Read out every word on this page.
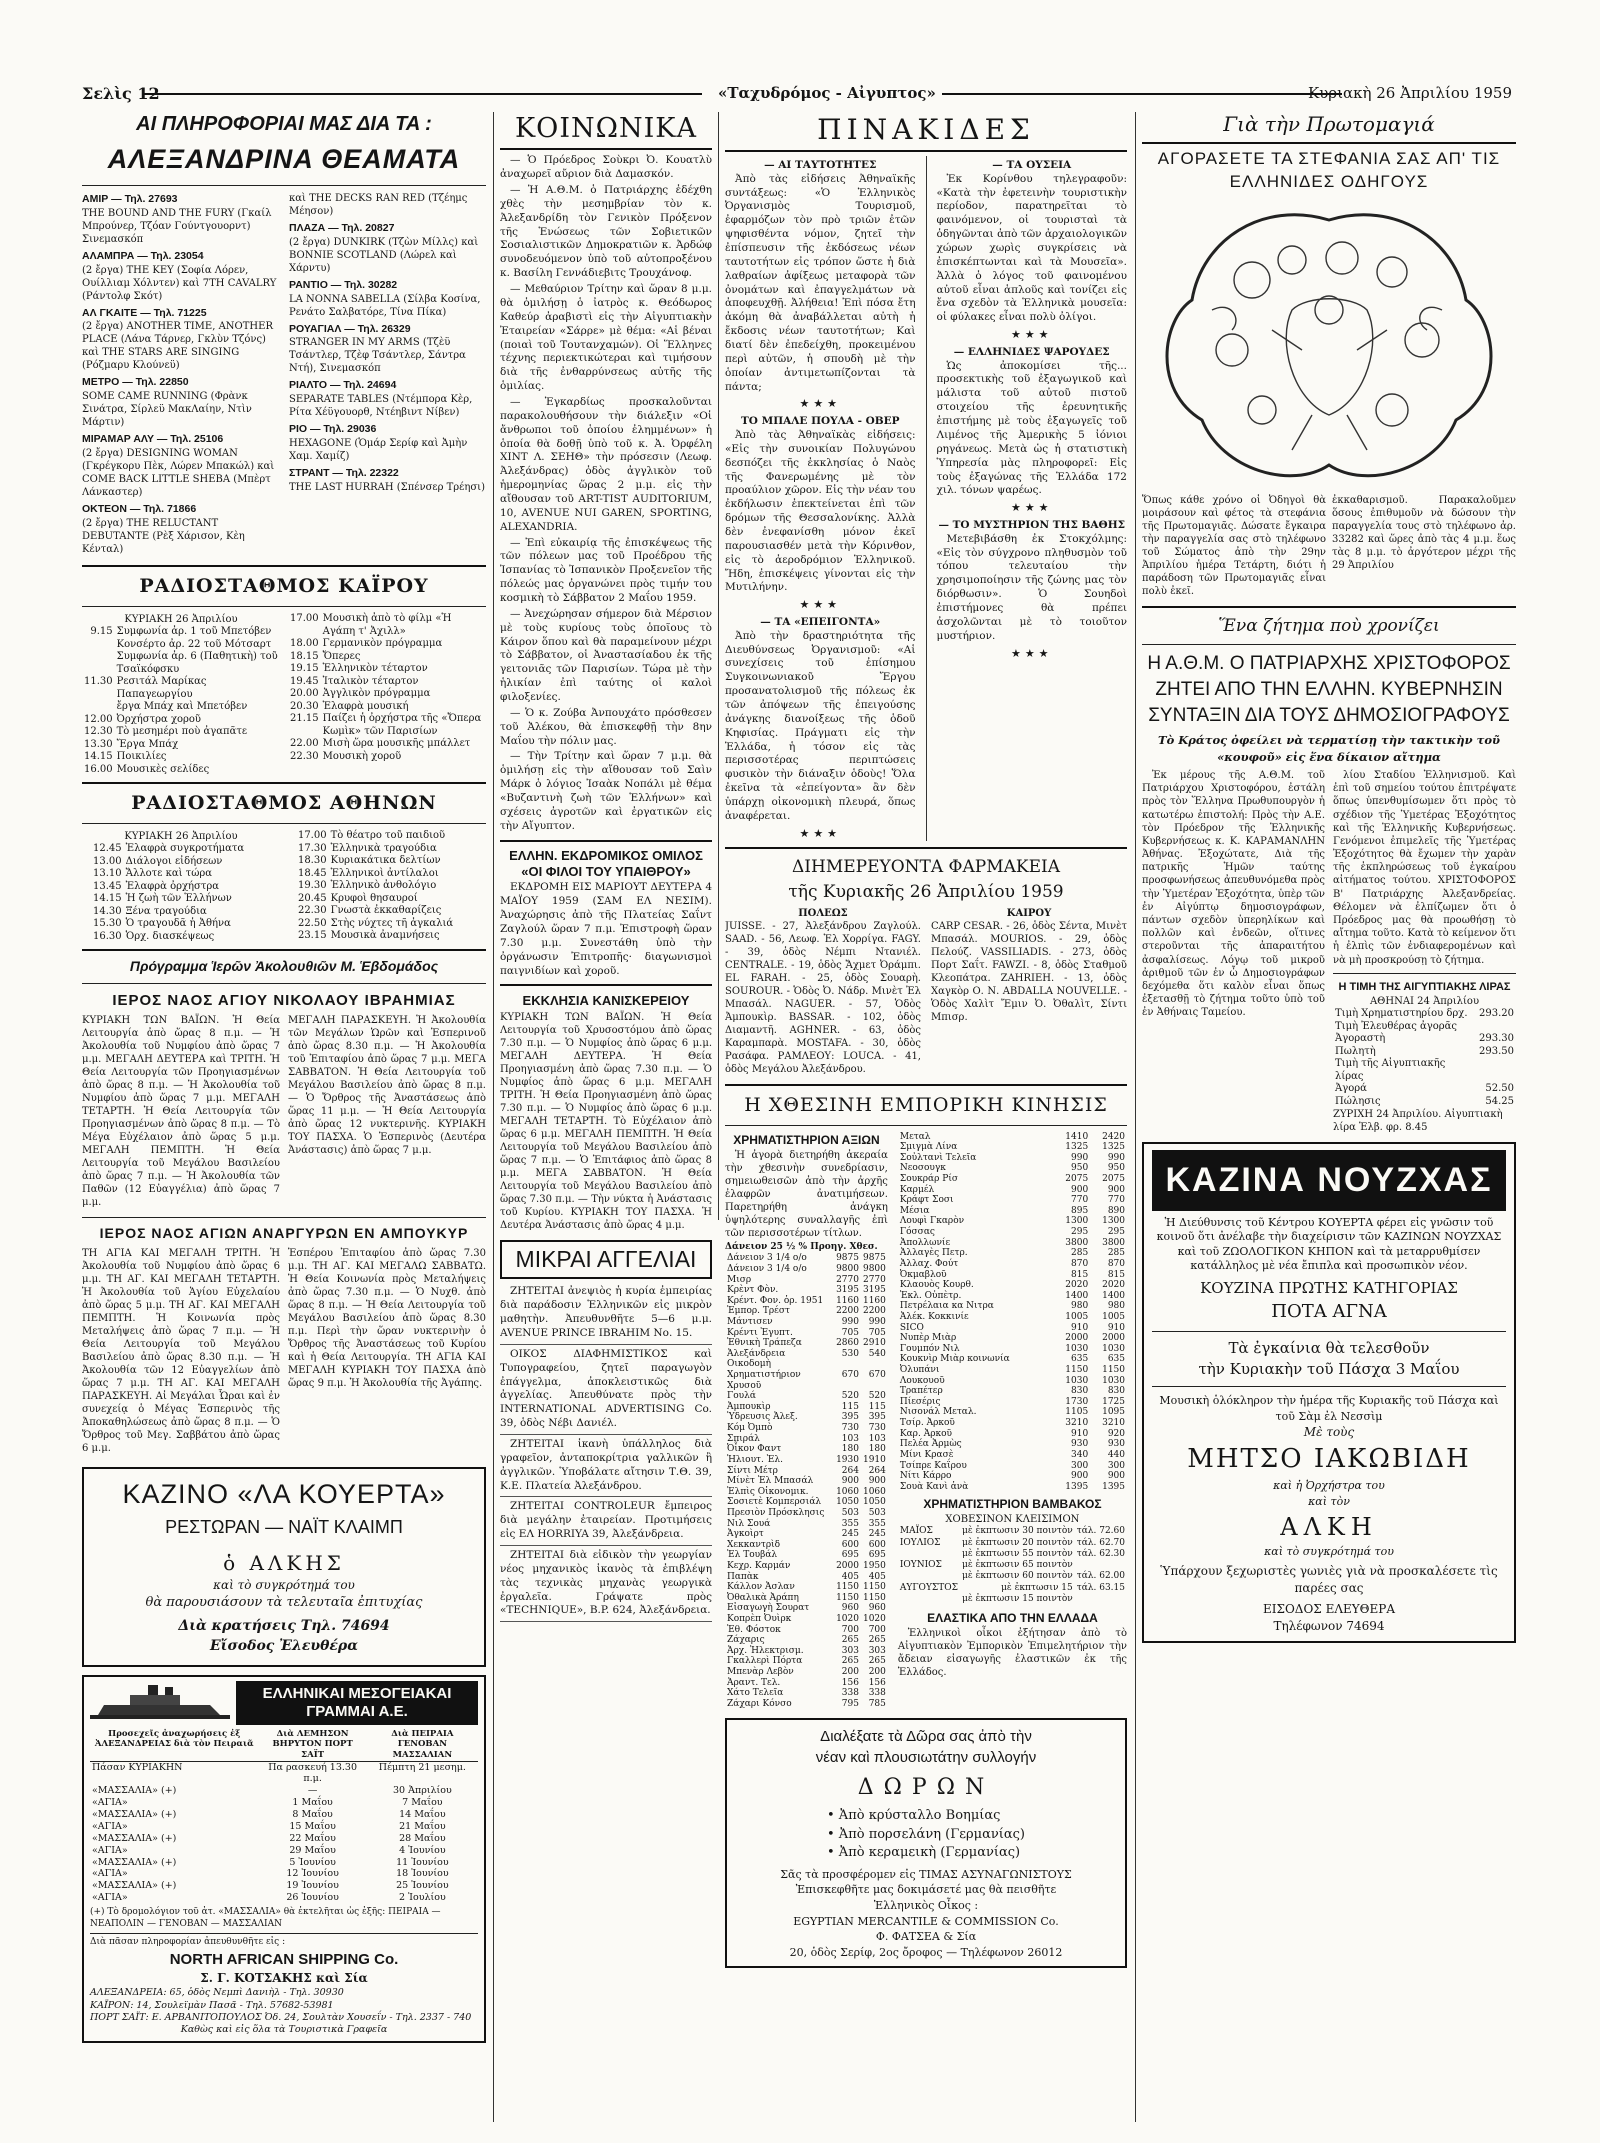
Σελὶς 12	«Ταχυδρόμος - Αἰγυπτος»	Κυριακὴ 26 Ἀπριλίου 1959
ΑΙ ΠΛΗΡΟΦΟΡΙΑΙ ΜΑΣ ΔΙΑ ΤΑ :
ΑΛΕΞΑΝΔΡΙΝΑ ΘΕΑΜΑΤΑ
ΑΜΙΡ — Τηλ. 27693
THE BOUND AND THE FURY (Γκαίλ Μπρούνερ, Τζόαν Γούντγουορντ) Σινεμασκόπ
ΑΛΑΜΠΡΑ — Τηλ. 23054
(2 ἔργα) THE KEY (Σοφία Λόρεν, Ουίλλιαμ Χόλντεν) καὶ 7TH CAVALRY (Ράντολφ Σκότ)
ΑΛ ΓΚΑΙΤΕ — Τηλ. 71225
(2 ἔργα) ANOTHER TIME, ANOTHER PLACE (Λάνα Τάρνερ, Γκλὺν Τζόνς) καὶ THE STARS ARE SINGING (Ρόζμαρυ Κλούνεϋ)
ΜΕΤΡΟ — Τηλ. 22850
SOME CAME RUNNING (Φρὰνκ Σινάτρα, Σίρλεϋ ΜακΛαίην, Ντὶν Μάρτιν)
ΜΙΡΑΜΑΡ ΑΛΥ — Τηλ. 25106
(2 ἔργα) DESIGNING WOMAN (Γκρέγκορυ Πὲκ, Λώρεν Μπακώλ) καὶ COME BACK LITTLE SHEBA (Μπὲρτ Λάνκαστερ)
ΟΚΤΕΟΝ — Τηλ. 71866
(2 ἔργα) THE RELUCTANT DEBUTANTE (Ρὲξ Χάρισον, Κὲη Κένταλ)
καὶ THE DECKS RAN RED (Τζέημς Μέησον)
ΠΛΑΖΑ — Τηλ. 20827
(2 ἔργα) DUNKIRK (Τζὼν Μίλλς) καὶ BONNIE SCOTLAND (Λώρελ καὶ Χάρντυ)
ΡΑΝΤΙΟ — Τηλ. 30282
LA NONNA SABELLA (Σίλβα Κοσίνα, Ρενάτο Σαλβατόρε, Τίνα Πίκα)
ΡΟΥΑΓΙΑΛ — Τηλ. 26329
STRANGER IN MY ARMS (Τζὲϋ Τσάντλερ, Τζὲφ Τσάντλερ, Σάντρα Ντή), Σινεμασκόπ
ΡΙΑΛΤΟ — Τηλ. 24694
SEPARATE TABLES (Ντέμπορα Κὲρ, Ρίτα Χέϋγουορθ, Ντέηβιντ Νίβεν)
ΡΙΟ — Τηλ. 29036
HEXAGONE (Ὁμάρ Σερίφ καὶ Ἀμὴν Χαμ. Χαμίζ)
ΣΤΡΑΝΤ — Τηλ. 22322
THE LAST HURRAH (Σπένσερ Τρέησι)
ΡΑΔΙΟΣΤΑΘΜΟΣ ΚΑΪΡΟΥ
ΚΥΡΙΑΚΗ 26 Ἀπριλίου
9.15	Συμφωνία ἀρ. 1 τοῦ Μπετόβεν
	Κονσέρτο ἀρ. 22 τοῦ Μότσαρτ
	Συμφωνία ἀρ. 6 (Παθητικὴ) τοῦ Τσαϊκόφσκυ
11.30	Ρεσιτάλ Μαρίκας Παπαγεωργίου
	ἔργα Μπάχ καὶ Μπετόβεν
12.00	Ὀρχήστρα χοροῦ
12.30	Τὸ μεσημέρι ποὺ ἀγαπᾶτε
13.30	Ἔργα Μπάχ
14.15	Ποικιλίες
16.00	Μουσικὲς σελίδες
17.00	Μουσικὴ ἀπὸ τὸ φίλμ «Ἡ Αγάπη τ' Ἀχιλλ»
18.00	Γερμανικὸν πρόγραμμα
18.15	Ὄπερες
19.15	Ἑλληνικὸν τέταρτον
19.45	Ἰταλικὸν τέταρτον
20.00	Ἀγγλικὸν πρόγραμμα
20.30	Ἑλαφρὰ μουσική
21.15	Παίζει ἡ ὀρχήστρα τῆς «Ὄπερα Κωμὶκ» τῶν Παρισίων
22.00	Μισὴ ὥρα μουσικῆς μπάλλετ
22.30	Μουσικὴ χοροῦ
ΡΑΔΙΟΣΤΑΘΜΟΣ ΑΘΗΝΩΝ
ΚΥΡΙΑΚΗ 26 Ἀπριλίου
12.45	Ἐλαφρὰ συγκροτήματα
13.00	Διάλογοι εἰδήσεων
13.10	Ἄλλοτε καὶ τώρα
13.45	Ἐλαφρὰ ὀρχήστρα
14.15	Ἡ ζωὴ τῶν Ἑλλήνων
14.30	Ξένα τραγούδια
15.30	Ὁ τραγουδᾶ ἡ Ἀθήνα
16.30	Ὁρχ. διασκέψεως
17.00	Τὸ θέατρο τοῦ παιδιοῦ
17.30	Ἑλληνικὰ τραγούδια
18.30	Κυριακάτικα δελτίων
18.45	Ἑλληνικοὶ ἀντίλαλοι
19.30	Ἑλληνικὸ ἀνθολόγιο
20.45	Κρυφοὶ θησαυροί
22.30	Γνωστὰ ἐκκαθαρίζεις
22.50	Στὴς νύχτες τῆ ἀγκαλιά
23.15	Μουσικὰ ἀναμνήσεις
Πρόγραμμα Ἱερῶν Ἀκολουθιῶν Μ. Ἑβδομάδος
ΙΕΡΟΣ ΝΑΟΣ ΑΓΙΟΥ ΝΙΚΟΛΑΟΥ ΙΒΡΑΗΜΙΑΣ
ΚΥΡΙΑΚΗ ΤΩΝ ΒΑΪΩΝ. Ἡ Θεία Λειτουργία ἀπὸ ὥρας 8 π.μ. — Ἡ Ἀκολουθία τοῦ Νυμφίου ἀπὸ ὥρας 7 μ.μ. ΜΕΓΑΛΗ ΔΕΥΤΕΡΑ καὶ ΤΡΙΤΗ. Ἡ Θεία Λειτουργία τῶν Προηγιασμένων ἀπὸ ὥρας 8 π.μ. — Ἡ Ἀκολουθία τοῦ Νυμφίου ἀπὸ ὥρας 7 μ.μ. ΜΕΓΑΛΗ ΤΕΤΑΡΤΗ. Ἡ Θεία Λειτουργία τῶν Προηγιασμένων ἀπὸ ὥρας 8 π.μ. — Τὸ Μέγα Εὐχέλαιον ἀπὸ ὥρας 5 μ.μ. ΜΕΓΑΛΗ ΠΕΜΠΤΗ. Ἡ Θεία Λειτουργία τοῦ Μεγάλου Βασιλείου ἀπὸ ὥρας 7 π.μ. — Ἡ Ἀκολουθία τῶν Παθῶν (12 Εὐαγγέλια) ἀπὸ ὥρας 7 μ.μ.
ΜΕΓΑΛΗ ΠΑΡΑΣΚΕΥΗ. Ἡ Ἀκολουθία τῶν Μεγάλων Ὡρῶν καὶ Ἑσπερινοῦ ἀπὸ ὥρας 8.30 π.μ. — Ἡ Ἀκολουθία τοῦ Ἐπιταφίου ἀπὸ ὥρας 7 μ.μ. ΜΕΓΑ ΣΑΒΒΑΤΟΝ. Ἡ Θεία Λειτουργία τοῦ Μεγάλου Βασιλείου ἀπὸ ὥρας 8 π.μ. — Ὁ Ὄρθρος τῆς Ἀναστάσεως ἀπὸ ὥρας 11 μ.μ. — Ἡ Θεία Λειτουργία ἀπὸ ὥρας 12 νυκτερινῆς. ΚΥΡΙΑΚΗ ΤΟΥ ΠΑΣΧΑ. Ὁ Ἑσπερινὸς (Δευτέρα Ἀνάστασις) ἀπὸ ὥρας 7 μ.μ.
ΙΕΡΟΣ ΝΑΟΣ ΑΓΙΩΝ ΑΝΑΡΓΥΡΩΝ ΕΝ ΑΜΠΟΥΚΥΡ
ΤΗ ΑΓΙΑ ΚΑΙ ΜΕΓΑΛΗ ΤΡΙΤΗ. Ἡ Ἀκολουθία τοῦ Νυμφίου ἀπὸ ὥρας 6 μ.μ. ΤΗ ΑΓ. ΚΑΙ ΜΕΓΑΛΗ ΤΕΤΑΡΤΗ. Ἡ Ἀκολουθία τοῦ Ἁγίου Εὐχελαίου ἀπὸ ὥρας 5 μ.μ. ΤΗ ΑΓ. ΚΑΙ ΜΕΓΑΛΗ ΠΕΜΠΤΗ. Ἡ Κοινωνία πρὸς Μεταλήψεις ἀπὸ ὥρας 7 π.μ. — Ἡ Θεία Λειτουργία τοῦ Μεγάλου Βασιλείου ἀπὸ ὥρας 8.30 π.μ. — Ἡ Ἀκολουθία τῶν 12 Εὐαγγελίων ἀπὸ ὥρας 7 μ.μ. ΤΗ ΑΓ. ΚΑΙ ΜΕΓΑΛΗ ΠΑΡΑΣΚΕΥΗ. Αἱ Μεγάλαι Ὧραι καὶ ἐν συνεχείᾳ ὁ Μέγας Ἑσπερινὸς τῆς Ἀποκαθηλώσεως ἀπὸ ὥρας 8 π.μ. — Ὁ Ὄρθρος τοῦ Μεγ. Σαββάτου ἀπὸ ὥρας 6 μ.μ.
Ἑσπέρου Ἐπιταφίου ἀπὸ ὥρας 7.30 μ.μ. ΤΗ ΑΓ. ΚΑΙ ΜΕΓΑΛΩ ΣΑΒΒΑΤΩ. Ἡ Θεία Κοινωνία πρὸς Μεταλήψεις ἀπὸ ὥρας 7.30 π.μ. — Ὁ Νυχθ. ἀπὸ ὥρας 8 π.μ. — Ἡ Θεία Λειτουργία τοῦ Μεγάλου Βασιλείου ἀπὸ ὥρας 8.30 π.μ. Περὶ τὴν ὥραν νυκτερινὴν ὁ Ὄρθρος τῆς Ἀναστάσεως τοῦ Κυρίου καὶ ἡ Θεία Λειτουργία. ΤΗ ΑΓΙΑ ΚΑΙ ΜΕΓΑΛΗ ΚΥΡΙΑΚΗ ΤΟΥ ΠΑΣΧΑ ἀπὸ ὥρας 9 π.μ. Ἡ Ἀκολουθία τῆς Ἀγάπης.
ΚΑΖΙΝΟ «ΛΑ ΚΟΥΕΡΤΑ»
ΡΕΣΤΩΡΑΝ — ΝΑΪΤ ΚΛΑΙΜΠ
ὁ ΑΛΚΗΣ
καὶ τὸ συγκρότημά του
θὰ παρουσιάσουν τὰ τελευταῖα ἐπιτυχίας
Διὰ κρατήσεις Τηλ. 74694
Εἴσοδος Ἐλευθέρα
ΕΛΛΗΝΙΚΑΙ ΜΕΣΟΓΕΙΑΚΑΙ ΓΡΑΜΜΑΙ Α.Ε.
Προσεχεῖς ἀναχωρήσεις ἐξ ἈΛΕΞΑΝΔΡΕΙΑΣ διὰ τὸν Πειραιᾶ	Διὰ ΛΕΜΗΣΟΝ ΒΗΡΥΤΟΝ ΠΟΡΤ ΣΑΪΤ	Διὰ ΠΕΙΡΑΙΑ ΓΕΝΟΒΑΝ ΜΑΣΣΑΛΙΑΝ
Πάσαν ΚΥΡΙΑΚΗΝ	Πα ρασκευή 13.30 π.μ.	Πέμπτη 21 μεσημ.
«ΜΑΣΣΑΛΙΑ» (+)	—	30 Ἀπριλίου
«ΑΓΙΑ»	1 Μαΐου	7 Μαΐου
«ΜΑΣΣΑΛΙΑ» (+)	8 Μαΐου	14 Μαΐου
«ΑΓΙΑ»	15 Μαΐου	21 Μαΐου
«ΜΑΣΣΑΛΙΑ» (+)	22 Μαΐου	28 Μαΐου
«ΑΓΙΑ»	29 Μαΐου	4 Ἰουνίου
«ΜΑΣΣΑΛΙΑ» (+)	5 Ἰουνίου	11 Ἰουνίου
«ΑΓΙΑ»	12 Ἰουνίου	18 Ἰουνίου
«ΜΑΣΣΑΛΙΑ» (+)	19 Ἰουνίου	25 Ἰουνίου
«ΑΓΙΑ»	26 Ἰουνίου	2 Ἰουλίου
(+) Τὸ δρομολόγιον τοῦ ἀτ. «ΜΑΣΣΑΛΙΑ» θὰ ἐκτελῆται ὡς ἑξῆς: ΠΕΙΡΑΙΑ — ΝΕΑΠΟΛΙΝ — ΓΕΝΟΒΑΝ — ΜΑΣΣΑΛΙΑΝ
Διὰ πᾶσαν πληροφορίαν ἀπευθυνθῆτε εἰς :
NORTH AFRICAN SHIPPING Co.
Σ. Γ. ΚΟΤΣΑΚΗΣ καὶ Σία
ΑΛΕΞΑΝΔΡΕΙΑ: 65, ὁδὸς Νεμπὶ Δανιὴλ - Τηλ. 30930
ΚΑΪΡΟΝ: 14, Σουλεϊμὰν Πασᾶ - Τηλ. 57682-53981
ΠΟΡΤ ΣΑΪΤ: Ε. ΑΡΒΑΝΙΤΟΠΟΥΛΟΣ Ὀδ. 24, Σουλτὰν Χουσεΐν - Τηλ. 2337 - 740
Καθὼς καὶ εἰς ὅλα τὰ Τουριστικὰ Γραφεῖα
ΚΟΙΝΩΝΙΚΑ

— Ὁ Πρόεδρος Σοὺκρι Ὀ. Κουατλὺ ἀναχωρεῖ αὔριον διὰ Δαμασκόν.

— Ἡ Α.Θ.Μ. ὁ Πατριάρχης ἐδέχθη χθὲς τὴν μεσημβρίαν τὸν κ. Ἀλεξανδρίδη τὸν Γενικὸν Πρόξενον τῆς Ἑνώσεως τῶν Σοβιετικῶν Σοσιαλιστικῶν Δημοκρατιῶν κ. Ἀρδώφ συνοδευόμενον ὑπὸ τοῦ αὐτοπροξένου κ. Βασίλη Γεννάδιεβιτς Τρουχάνοφ.

— Μεθαύριον Τρίτην καὶ ὥραν 8 μ.μ. θὰ ὁμιλήσῃ ὁ ἰατρὸς κ. Θεόδωρος Καθεύρ ἀραβιστὶ εἰς τὴν Αἰγυπτιακὴν Ἐταιρείαν «Σάρρε» μὲ θέμα: «Αἱ βέναι (ποιαὶ τοῦ Τουτανχαμών). Οἱ Ἕλληνες τέχνης περιεκτικώτεραι καὶ τιμήσουν διὰ τῆς ἐνθαρρύνσεως αὐτῆς τῆς ὁμιλίας.

— Ἐγκαρδίως προσκαλοῦνται παρακολουθήσουν τὴν διάλεξιν «Οἱ ἄνθρωποι τοῦ ὁποίου ἐλημμένων» ἡ ὁποία θὰ δοθῇ ὑπὸ τοῦ κ. Ἀ. Ὀρφέλη ΧΙΝΤ Λ. ΣΕΗΘ» τὴν πρόσεσιν (Λεωφ. Ἀλεξάνδρας) ὁδὸς ἀγγλικὸν τοῦ ἡμερομηνίας ὥρας 2 μ.μ. εἰς τὴν αἴθουσαν τοῦ ART-TIST AUDITORIUM, 10, AVENUE NUI GAREN, SPORTING, ALEXANDRIA.

— Ἐπὶ εὐκαιρίᾳ τῆς ἐπισκέψεως τῆς τῶν πόλεων μας τοῦ Προέδρου τῆς Ἰσπανίας τὸ Ἰσπανικὸν Προξενεῖον τῆς πόλεώς μας ὀργανώνει πρὸς τιμήν του κοσμικὴ τὸ Σάββατον 2 Μαΐου 1959.

— Ἀνεχώρησαν σήμερον διὰ Μέρσιον μὲ τοὺς κυρίους τοὺς ὁποῖους τὸ Κάιρον ὅπου καὶ θὰ παραμείνουν μέχρι τὸ Σάββατον, οἱ Ἀναστασίαδου ἐκ τῆς γειτονιᾶς τῶν Παρισίων. Τώρα μὲ τὴν ἡλικίαν ἐπὶ ταύτης οἱ καλοὶ φιλοξενίες.

— Ὁ κ. Ζούβα Ἀνπουχάτο πρόσθεσεν τοῦ Ἀλέκου, θὰ ἐπισκεφθῇ τὴν 8ην Μαΐου τὴν πόλιν μας.

— Τὴν Τρίτην καὶ ὥραν 7 μ.μ. θὰ ὁμιλήσῃ εἰς τὴν αἴθουσαν τοῦ Σαὶν Μάρκ ὁ λόγιος Ἰσαὰκ Νοπάλι μὲ θέμα «Βυζαντινὴ ζωὴ τῶν Ἑλλήνων» καὶ σχέσεις ἀγροτῶν καὶ ἐργατικῶν εἰς τὴν Αἴγυπτον.

ΕΛΛΗΝ. ΕΚΔΡΟΜΙΚΟΣ ΟΜΙΛΟΣ «ΟΙ ΦΙΛΟΙ ΤΟΥ ΥΠΑΙΘΡΟΥ»
ΕΚΔΡΟΜΗ ΕΙΣ ΜΑΡΙΟΥΤ ΔΕΥΤΕΡΑ 4 ΜΑΪΟΥ 1959 (ΣΑΜ ΕΛ ΝΕΣΙΜ). Ἀναχώρησις ἀπὸ τῆς Πλατείας Σαΐντ Ζαγλούλ ὥραν 7 π.μ. Ἐπιστροφὴ ὥραν 7.30 μ.μ. Συνεστάθη ὑπὸ τὴν ὀργάνωσιν Ἐπιτροπῆς· διαγωνισμοὶ παιγνιδίων καὶ χοροῦ.
ΕΚΚΛΗΣΙΑ ΚΑΝΙΣΚΕΡΕΙΟΥ
ΚΥΡΙΑΚΗ ΤΩΝ ΒΑΪΩΝ. Ἡ Θεία Λειτουργία τοῦ Χρυσοστόμου ἀπὸ ὥρας 7.30 π.μ. — Ὁ Νυμφίος ἀπὸ ὥρας 6 μ.μ. ΜΕΓΑΛΗ ΔΕΥΤΕΡΑ. Ἡ Θεία Προηγιασμένη ἀπὸ ὥρας 7.30 π.μ. — Ὁ Νυμφίος ἀπὸ ὥρας 6 μ.μ. ΜΕΓΑΛΗ ΤΡΙΤΗ. Ἡ Θεία Προηγιασμένη ἀπὸ ὥρας 7.30 π.μ. — Ὁ Νυμφίος ἀπὸ ὥρας 6 μ.μ. ΜΕΓΑΛΗ ΤΕΤΑΡΤΗ. Τὸ Εὐχέλαιον ἀπὸ ὥρας 6 μ.μ. ΜΕΓΑΛΗ ΠΕΜΠΤΗ. Ἡ Θεία Λειτουργία τοῦ Μεγάλου Βασιλείου ἀπὸ ὥρας 7 π.μ. — Ὁ Ἐπιτάφιος ἀπὸ ὥρας 8 μ.μ. ΜΕΓΑ ΣΑΒΒΑΤΟΝ. Ἡ Θεία Λειτουργία τοῦ Μεγάλου Βασιλείου ἀπὸ ὥρας 7.30 π.μ. — Τὴν νύκτα ἡ Ἀνάστασις τοῦ Κυρίου. ΚΥΡΙΑΚΗ ΤΟΥ ΠΑΣΧΑ. Ἡ Δευτέρα Ἀνάστασις ἀπὸ ὥρας 4 μ.μ.
ΜΙΚΡΑΙ ΑΓΓΕΛΙΑΙ

ΖΗΤΕΙΤΑΙ ἀνεψιὸς ἡ κυρία ἐμπειρίας διὰ παράδοσιν Ἑλληνικῶν εἰς μικρὸν μαθητὴν. Ἀπευθυνθῆτε 5—6 μ.μ. AVENUE PRINCE IBRAHIM Νο. 15.

ΟΙΚΟΣ ΔΙΑΦΗΜΙΣΤΙΚΟΣ καὶ Τυπογραφείου, ζητεῖ παραγωγὸν ἐπάγγελμα, ἀποκλειστικῶς διὰ ἀγγελίας. Ἀπευθύνατε πρὸς τὴν INTERNATIONAL ADVERTISING Co. 39, ὁδὸς Νέβι Δανιέλ.

ΖΗΤΕΙΤΑΙ ἱκανὴ ὑπάλληλος διὰ γραφεῖον, ἀνταποκρίτρια γαλλικῶν ἢ ἀγγλικῶν. Ὑποβάλατε αἴτησιν Τ.Θ. 39, Κ.Ε. Πλατεία Ἀλεξάνδρου.

ΖΗΤΕΙΤΑΙ CONTROLEUR ἔμπειρος διὰ μεγάλην ἐταιρείαν. Προτιμήσεις εἰς ΕΛ HORRIYA 39, Ἀλεξάνδρεια.

ΖΗΤΕΙΤΑΙ διὰ εἰδικὸν τὴν γεωργίαν νέος μηχανικὸς ἱκανὸς τὰ ἐπιβλέψη τὰς τεχνικὰς μηχανὰς γεωργικὰ ἐργαλεῖα. Γράψατε πρὸς «TECHNIQUE», B.P. 624, Ἀλεξάνδρεια.

ΠΙΝΑΚΙΔΕΣ
— ΑΙ ΤΑΥΤΟΤΗΤΕΣ

Ἀπὸ τὰς εἰδήσεις Ἀθηναϊκῆς συντάξεως: «Ὁ Ἑλληνικὸς Ὀργανισμὸς Τουρισμοῦ, ἐφαρμόζων τὸν πρὸ τριῶν ἐτῶν ψηφισθέντα νόμον, ζητεῖ τὴν ἐπίσπευσιν τῆς ἐκδόσεως νέων ταυτοτήτων εἰς τρόπον ὥστε ἡ διὰ λαθραίων ἀφίξεως μεταφορὰ τῶν ὀνομάτων καὶ ἐπαγγελμάτων νὰ ἀποφευχθῇ. Ἀλήθεια! Ἐπὶ πόσα ἔτη ἀκόμη θὰ ἀναβάλλεται αὐτὴ ἡ ἔκδοσις νέων ταυτοτήτων; Καὶ διατί δὲν ἐπεδείχθη, προκειμένου περὶ αὐτῶν, ἡ σπουδὴ μὲ τὴν ὁποίαν ἀντιμετωπίζονται τὰ πάντα;

★★★
ΤΟ ΜΠΑΛΕ ΠΟΥΛΑ - ΟΒΕΡ

Ἀπὸ τὰς Ἀθηναϊκὰς εἰδήσεις: «Εἰς τὴν συνοικίαν Πολυγώνου δεσπόζει τῆς ἐκκλησίας ὁ Ναὸς τῆς Φανερωμένης μὲ τὸν προαύλιον χῶρον. Εἰς τὴν νέαν του ἐκδήλωσιν ἐπεκτείνεται ἐπὶ τῶν δρόμων τῆς Θεσσαλονίκης. Ἀλλὰ δὲν ἐνεφανίσθη μόνον ἐκεῖ παρουσιασθέν μετὰ τὴν Κόρινθον, εἰς τὸ ἀεροδρόμιον Ἑλληνικοῦ. Ἤδη, ἐπισκέψεις γίνονται εἰς τὴν Μυτιλήνην.

★★★
— ΤΑ «ΕΠΕΙΓΟΝΤΑ»

Ἀπὸ τὴν δραστηριότητα τῆς Διευθύνσεως Ὀργανισμοῦ: «Αἱ συνεχίσεις τοῦ ἐπίσημου Συγκοινωνιακοῦ Ἔργου προσανατολισμοῦ τῆς πόλεως ἐκ τῶν ἀπόψεων τῆς ἐπειγούσης ἀνάγκης διανοίξεως τῆς ὁδοῦ Κηφισίας. Πράγματι εἰς τὴν Ἑλλάδα, ἡ τόσον εἰς τὰς περισσοτέρας περιπτώσεις φυσικὸν τὴν διάναξιν ὁδοὺς! Ὅλα ἐκεῖνα τὰ «ἐπείγοντα» ἂν δὲν ὑπάρχῃ οἰκονομικὴ πλευρά, ὅπως ἀναφέρεται.

★★★
— ΤΑ ΟΥΣΕΙΑ

Ἐκ Κορίνθου τηλεγραφοῦν: «Κατὰ τὴν ἐφετεινὴν τουριστικὴν περίοδον, παρατηρεῖται τὸ φαινόμενον, οἱ τουρισταὶ τὰ ὁδηγῶνται ἀπὸ τῶν ἀρχαιολογικῶν χώρων χωρὶς συγκρίσεις νὰ ἐπισκέπτωνται καὶ τὰ Μουσεῖα». Ἀλλὰ ὁ λόγος τοῦ φαινομένου αὐτοῦ εἶναι ἁπλοῦς καὶ τονίζει εἰς ἔνα σχεδὸν τὰ Ἑλληνικὰ μουσεῖα: οἱ φύλακες εἶναι πολὺ ὀλίγοι.

★★★
— ΕΛΛΗΝΙΔΕΣ ΨΑΡΟΥΔΕΣ

Ὡς ἀποκομίσει τῆς... προσεκτικὴς τοῦ ἐξαγωγικοῦ καὶ μάλιστα τοῦ αὐτοῦ πιστοῦ στοιχείου τῆς ἐρευνητικῆς ἐπιστήμης μὲ τοὺς ἐξαγωγεῖς τοῦ Λιμένος τῆς Ἀμερικὴς 5 ἰόνιοι ρηγάνεως. Μετὰ ὡς ἡ στατιστικὴ Ὑπηρεσία μὰς πληροφορεῖ: Εἰς τοὺς ἐξαγώνας τῆς Ἑλλάδα 172 χιλ. τόνων ψαρέως.

★★★
— ΤΟ ΜΥΣΤΗΡΙΟΝ ΤΗΣ ΒΑΘΗΣ

Μετεβιβάσθη ἐκ Στοκχόλμης: «Εἰς τὸν σύγχρονο πληθυσμὸν τοῦ τόπου τελευταίου τὴν χρησιμοποίησιν τῆς ζώνης μας τὸν διόρθωσιν». Ὁ Σουηδοὶ ἐπιστήμονες θὰ πρέπει ἀσχολῶνται μὲ τὸ τοιοῦτον μυστήριον.

★★★
ΔΙΗΜΕΡΕΥΟΝΤΑ ΦΑΡΜΑΚΕΙΑ
τῆς Κυριακῆς 26 Ἀπριλίου 1959
ΠΟΛΕΩΣ
JUISSE. - 27, Ἀλεξάνδρου Ζαγλούλ. SAAD. - 56, Λεωφ. Ἑλ Χορρίγα. FAGY. - 39, ὁδὸς Νέμπι Ντανιέλ. CENTRALE. - 19, ὁδὸς Ἄχμετ Ὀράμπι. EL FARAH. - 25, ὁδὸς Σουαρὴ. SOUROUR. - Ὁδὸς Ὀ. Νάδρ. Μινὲτ Ἐλ Μπασάλ. NAGUER. - 57, Ὁδὸς Ἀμπουκὶρ. BASSAR. - 102, ὁδὸς Διαμαντῆ. AGHNER. - 63, ὁδὸς Καραμπαρὰ. MOSTAFA. - 30, ὁδὸς Ρασάφα. ΡΑΜΛΕΟΥ: LOUCA. - 41, ὁδὸς Μεγάλου Ἀλεξάνδρου.
ΚΑΙΡΟΥ
CARP CESAR. - 26, ὁδὸς Σέντα, Μινὲτ Μπασάλ. MOURIOS. - 29, ὁδὸς Πελούζ. VASSILIADIS. - 273, ὁδὸς Πορτ Σαΐτ. FAWZI. - 8, ὁδὸς Σταθμοῦ Κλεοπάτρα. ZAHRIEH. - 13, ὁδὸς Χαγκὸρ Ο. Ν. ABDALLA NOUVELLE. - Ὁδὸς Χαλὶτ Ἔμιν Ὀ. Ὀθαλὶτ, Σίντι Μπισρ.
Η ΧΘΕΣΙΝΗ ΕΜΠΟΡΙΚΗ ΚΙΝΗΣΙΣ
ΧΡΗΜΑΤΙΣΤΗΡΙΟΝ ΑΞΙΩΝ
Ἡ ἀγορὰ διετηρήθη ἀκεραία τὴν χθεσινὴν συνεδρίασιν, σημειωθεισῶν ἀπὸ τὴν ἀρχῆς ἐλαφρῶν ἀνατιμήσεων. Παρετηρήθη ἀνάγκη ὑψηλότερης συναλλαγῆς ἐπὶ τῶν περισσοτέρων τίτλων.
Δάνειον 25 ½ % Προηγ. Χθεσ.
Δάνειον 3 1/4 ο/ο	9875	9875
Δάνειον 3 1/4 ο/ο	9800	9800
Μισρ	2770	2770
Κρὲντ Φὸν.	3195	3195
Κρέντ. Φον. ὁρ. 1951	1160	1160
Ἐμπορ. Τρέστ	2200	2200
Μάντισεν	990	990
Κρέντι Ἐγυπτ.	705	705
Ἐθνικὴ Τράπεζα	2860	2910
Ἀλεξάνδρεια Οικοδομὴ	530	540
Χρηματιστήριον Χρυσοῦ	670	670
Γουλά	520	520
Ἀμπουκὶρ	115	115
Ὑδρευσις Ἀλεξ.	395	395
Κόμ Ὀμπὸ	730	730
Σπιράλ	103	103
Ὀἶκον Φαντ	180	180
Ἡλιουτ. Ἐλ.	1930	1910
Σίντι Μέτρ	264	264
Μίνὲτ Ἐλ Μπασάλ	900	900
Ἐλπὶς Οἰκονομικ.	1060	1060
Σοσιετὲ Κομπερσιάλ	1050	1050
Πρεσιὸν Πρόσκλησις	503	503
Νιλ Σουά	355	355
Ἀγκοὶρτ	245	245
Χεκκαντρὶδ	600	600
Ἐλ Τουβάλ	695	695
Κεχρ. Καρμάν	2000	1950
Παπὰκ	405	405
Κάλλον Ἀσλαν	1150	1150
Ὀθαλικὰ Ἀράπη	1150	1150
Εἰσαγωγὴ Σουρατ	960	960
Κοπρὲπ Ὀυὶρκ	1020	1020
Ἐθ. Φόστοκ	700	700
Ζάχαρις	265	265
Ἀρχ. Ἠλεκτρισμ.	303	303
Γκαλλερὶ Πόρτα	265	265
Μπενὰρ Λεβὸν	200	200
Ἀραντ. Τελ.	156	156
Χάτο Τελεῖα	338	338
Ζάχαρι Κόνσο	795	785
Μεταλ	1410	2420
Σμιγμὰ Λίνα	1325	1325
Σοὐλτανὶ Τελεῖα	990	990
Νεοσουγκ	950	950
Σουκράρ Ρίσ	2075	2075
Καρμέλ	900	900
Κράφτ Σοσι	770	770
Μέσια	895	890
Λουφὶ Γκαρὸν	1300	1300
Γόσσας	295	295
Ἀπολλωνίε	3800	3800
Ἀλλαγὲς Πετρ.	285	285
Ἀλλαχ. Φούτ	870	870
Ὀκμαβλοῦ	815	815
Κλαουὸς Κουρθ.	2020	2020
Ἐκλ. Οὐπὲτρ.	1400	1400
Πετρέλαια κα Νιτρα	980	980
Ἀλέκ. Κοκκινίε	1005	1005
SICO	910	910
Νυπὲρ Μιὰρ	2000	2000
Γουμπόν Νιλ	1030	1030
Κουκνὶρ Μιὰρ κοινωνία	635	635
Ὀλυπάνι	1150	1150
Λουκουοῦ	1030	1030
Τραπέτερ	830	830
Πίεσέρις	1730	1725
Νισονάλ Μεταλ.	1105	1095
Τσίρ. Ἀρκοῦ	3210	3210
Καρ. Ἀρκοῦ	910	920
Πελέα Ἁρμὼς	930	930
Μίνι Κρασὲ	340	440
Τσίπρε Καΐρου	300	300
Νίτι Κάρρο	900	900
Σουὰ Κανὶ ἀνὰ	1395	1395
ΧΡΗΜΑΤΙΣΤΗΡΙΟΝ ΒΑΜΒΑΚΟΣ
ΧΟΒΕΣΙΝΟΝ ΚΛΕΙΣΙΜΟΝ
ΜΑΪΟΣ	μὲ ἐκπτωσιν 30 ποιντὸν	τάλ. 72.60
ΙΟΥΛΙΟΣ	μὲ ἐκπτωσιν 20 ποιντὸν	τάλ. 62.70
	μὲ ἐκπτωσιν 55 ποιντὸν	τάλ. 62.30
ΙΟΥΝΙΟΣ	μὲ ἐκπτωσιν 65 ποιντὸν	
	μὲ ἐκπτωσιν 60 ποιντὸν	τάλ. 62.00
ΑΥΓΟΥΣΤΟΣ	μὲ ἐκπτωσιν 15	τάλ. 63.15
	μὲ ἐκπτωσιν 15 ποιντὸν	
ΕΛΑΣΤΙΚΑ ΑΠΟ ΤΗΝ ΕΛΛΑΔΑ
Ἑλληνικοὶ οἶκοι ἐξήτησαν ἀπὸ τὸ Αἰγυπτιακὸν Ἐμπορικὸν Ἐπιμελητήριον τὴν ἄδειαν εἰσαγωγῆς ἐλαστικῶν ἐκ τῆς Ἑλλάδος.
Διαλέξατε τὰ Δῶρα σας ἀπὸ τὴν
νέαν καὶ πλουσιωτάτην συλλογήν
ΔΩΡΩΝ
• Ἀπὸ κρύσταλλο Βοημίας
• Ἀπὸ πορσελάνη (Γερμανίας)
• Ἀπὸ κεραμεικὴ (Γερμανίας)
Σᾶς τὰ προσφέρομεν εἰς ΤΙΜΑΣ ΑΣΥΝΑΓΩΝΙΣΤΟΥΣ
Ἐπισκεφθῆτε μας δοκιμάσετέ μας θὰ πεισθῆτε
Ἑλληνικὸς Οἶκος :
EGYPTIAN MERCANTILE & COMMISSION Co.
Φ. ΦΑΤΣΕΑ & Σία
20, ὁδὸς Σερίφ, 2ος ὄροφος — Τηλέφωνον 26012
Γιὰ τὴν Πρωτομαγιά
ΑΓΟΡΑΣΕΤΕ ΤΑ ΣΤΕΦΑΝΙΑ ΣΑΣ ΑΠ' ΤΙΣ ΕΛΛΗΝΙΔΕΣ ΟΔΗΓΟΥΣ
Ὅπως κάθε χρόνο οἱ Ὀδηγοὶ θὰ μοιράσουν καὶ φέτος τὰ στεφάνια τῆς Πρωτομαγιᾶς. Δώσατε ἔγκαιρα τὴν παραγγελία σας στὸ τηλέφωνο τοῦ Σώματος ἀπὸ τὴν 29ην Ἀπριλίου ἡμέρα Τετάρτη, διότι ἡ παράδοση τῶν Πρωτομαγιᾶς εἶναι πολὺ ἐκεῖ.
ἐκκαθαρισμοῦ. Παρακαλοῦμεν ὅσους ἐπιθυμοῦν νὰ δώσουν τὴν παραγγελία τους στὸ τηλέφωνο ἀρ. 33282 καὶ ὥρες ἀπὸ τὰς 4 μ.μ. ἕως τὰς 8 μ.μ. τὸ ἀργότερον μέχρι τῆς 29 Ἀπριλίου
Ἕνα ζήτημα ποὺ χρονίζει
Η Α.Θ.Μ. Ο ΠΑΤΡΙΑΡΧΗΣ ΧΡΙΣΤΟΦΟΡΟΣ ΖΗΤΕΙ ΑΠΟ ΤΗΝ ΕΛΛΗΝ. ΚΥΒΕΡΝΗΣΙΝ ΣΥΝΤΑΞΙΝ ΔΙΑ ΤΟΥΣ ΔΗΜΟΣΙΟΓΡΑΦΟΥΣ
Τὸ Κράτος ὀφείλει νὰ τερματίσῃ τὴν τακτικὴν τοῦ «κουφοῦ» εἰς ἕνα δίκαιον αἴτημα
Ἐκ μέρους τῆς Α.Θ.Μ. τοῦ Πατριάρχου Χριστοφόρου, ἐστάλη πρὸς τὸν Ἕλληνα Πρωθυπουργὸν ἡ κατωτέρω ἐπιστολή: Πρὸς τὴν Α.Ε. τὸν Πρόεδρον τῆς Ἑλληνικῆς Κυβερνήσεως κ. Κ. ΚΑΡΑΜΑΝΛΗΝ Ἀθήνας. Ἐξοχώτατε, Διὰ τῆς πατρικῆς Ἡμῶν ταύτης προσφωνήσεως ἀπευθυνόμεθα πρὸς τὴν Ὑμετέραν Ἐξοχότητα, ὑπὲρ τῶν ἐν Αἰγύπτῳ δημοσιογράφων, πάντων σχεδὸν ὑπερηλίκων καὶ πολλῶν καὶ ἐνδεῶν, οἵτινες στεροῦνται τῆς ἀπαραιτήτου ἀσφαλίσεως. Λόγῳ τοῦ μικροῦ ἀριθμοῦ τῶν ἐν ὦ Δημοσιογράφων δεχόμεθα ὅτι καλὸν εἶναι ὅπως ἐξετασθῇ τὸ ζήτημα τοῦτο ὑπὸ τοῦ ἐν Ἀθήναις Ταμείου.
λίου Σταδίου Ἑλληνισμοῦ. Καὶ ἐπὶ τοῦ σημείου τούτου ἐπιτρέψατε ὅπως ὑπενθυμίσωμεν ὅτι πρὸς τὸ σχέδιον τῆς Ὑμετέρας Ἐξοχότητος καὶ τῆς Ἑλληνικῆς Κυβερνήσεως. Γενόμενοι ἐπιμελεῖς τῆς Ὑμετέρας Ἐξοχότητος θὰ ἔχωμεν τὴν χαρὰν τῆς ἐκπληρώσεως τοῦ ἐγκαίρου αἰτήματος τούτου. ΧΡΙΣΤΟΦΟΡΟΣ Β' Πατριάρχης Ἀλεξανδρείας. Θέλομεν νὰ ἐλπίζωμεν ὅτι ὁ Πρόεδρος μας θὰ προωθήσῃ τὸ αἴτημα τοῦτο. Κατὰ τὸ κείμενον ὅτι ἡ ἐλπὶς τῶν ἐνδιαφερομένων καὶ νὰ μὴ προσκρούσῃ τὸ ζήτημα.
Η ΤΙΜΗ ΤΗΣ ΑΙΓΥΠΤΙΑΚΗΣ ΛΙΡΑΣ
ΑΘΗΝΑΙ 24 Ἀπριλίου
Τιμὴ Χρηματιστηρίου δρχ.	293.20
Τιμὴ Ἐλευθέρας ἀγορᾶς	
Ἀγοραστὴ	293.30
Πωλητὴ	293.50
Τιμὴ τῆς Αἰγυπτιακῆς λίρας	
Ἀγορά	52.50
Πώλησις	54.25
ΖΥΡΙΧΗ 24 Ἀπριλίου. Αἰγυπτιακὴ λίρα Ἑλβ. φρ. 8.45
ΚΑΖΙΝΑ ΝΟΥΖΧΑΣ
Ἡ Διεύθυνσις τοῦ Κέντρου ΚΟΥΕΡΤΑ φέρει εἰς γνῶσιν τοῦ κοινοῦ ὅτι ἀνέλαβε τὴν διαχείρισιν τῶν ΚΑΖΙΝΩΝ ΝΟΥΖΧΑΣ καὶ τοῦ ΖΩΟΛΟΓΙΚΟΝ ΚΗΠΟΝ καὶ τὰ μεταρρυθμίσεν κατάλληλος μὲ νέα ἔπιπλα καὶ προσωπικὸν νέον.
ΚΟΥΖΙΝΑ ΠΡΩΤΗΣ ΚΑΤΗΓΟΡΙΑΣ
ΠΟΤΑ ΑΓΝΑ
Τὰ ἐγκαίνια θὰ τελεσθοῦν
τὴν Κυριακὴν τοῦ Πάσχα 3 Μαΐου
Μουσικὴ ὁλόκληρον τὴν ἡμέρα τῆς Κυριακῆς τοῦ Πάσχα καὶ τοῦ Σὰμ ἐλ Νεσσὶμ
Μὲ τοὺς
ΜΗΤΣΟ ΙΑΚΩΒΙΔΗ
καὶ ἡ Ὀρχήστρα του
καὶ τὸν
ΑΛΚΗ
καὶ τὸ συγκρότημά του
Ὑπάρχουν ξεχωριστὲς γωνιὲς γιὰ νὰ προσκαλέσετε τὶς παρέες σας
ΕΙΣΟΔΟΣ ΕΛΕΥΘΕΡΑ
Τηλέφωνον 74694
